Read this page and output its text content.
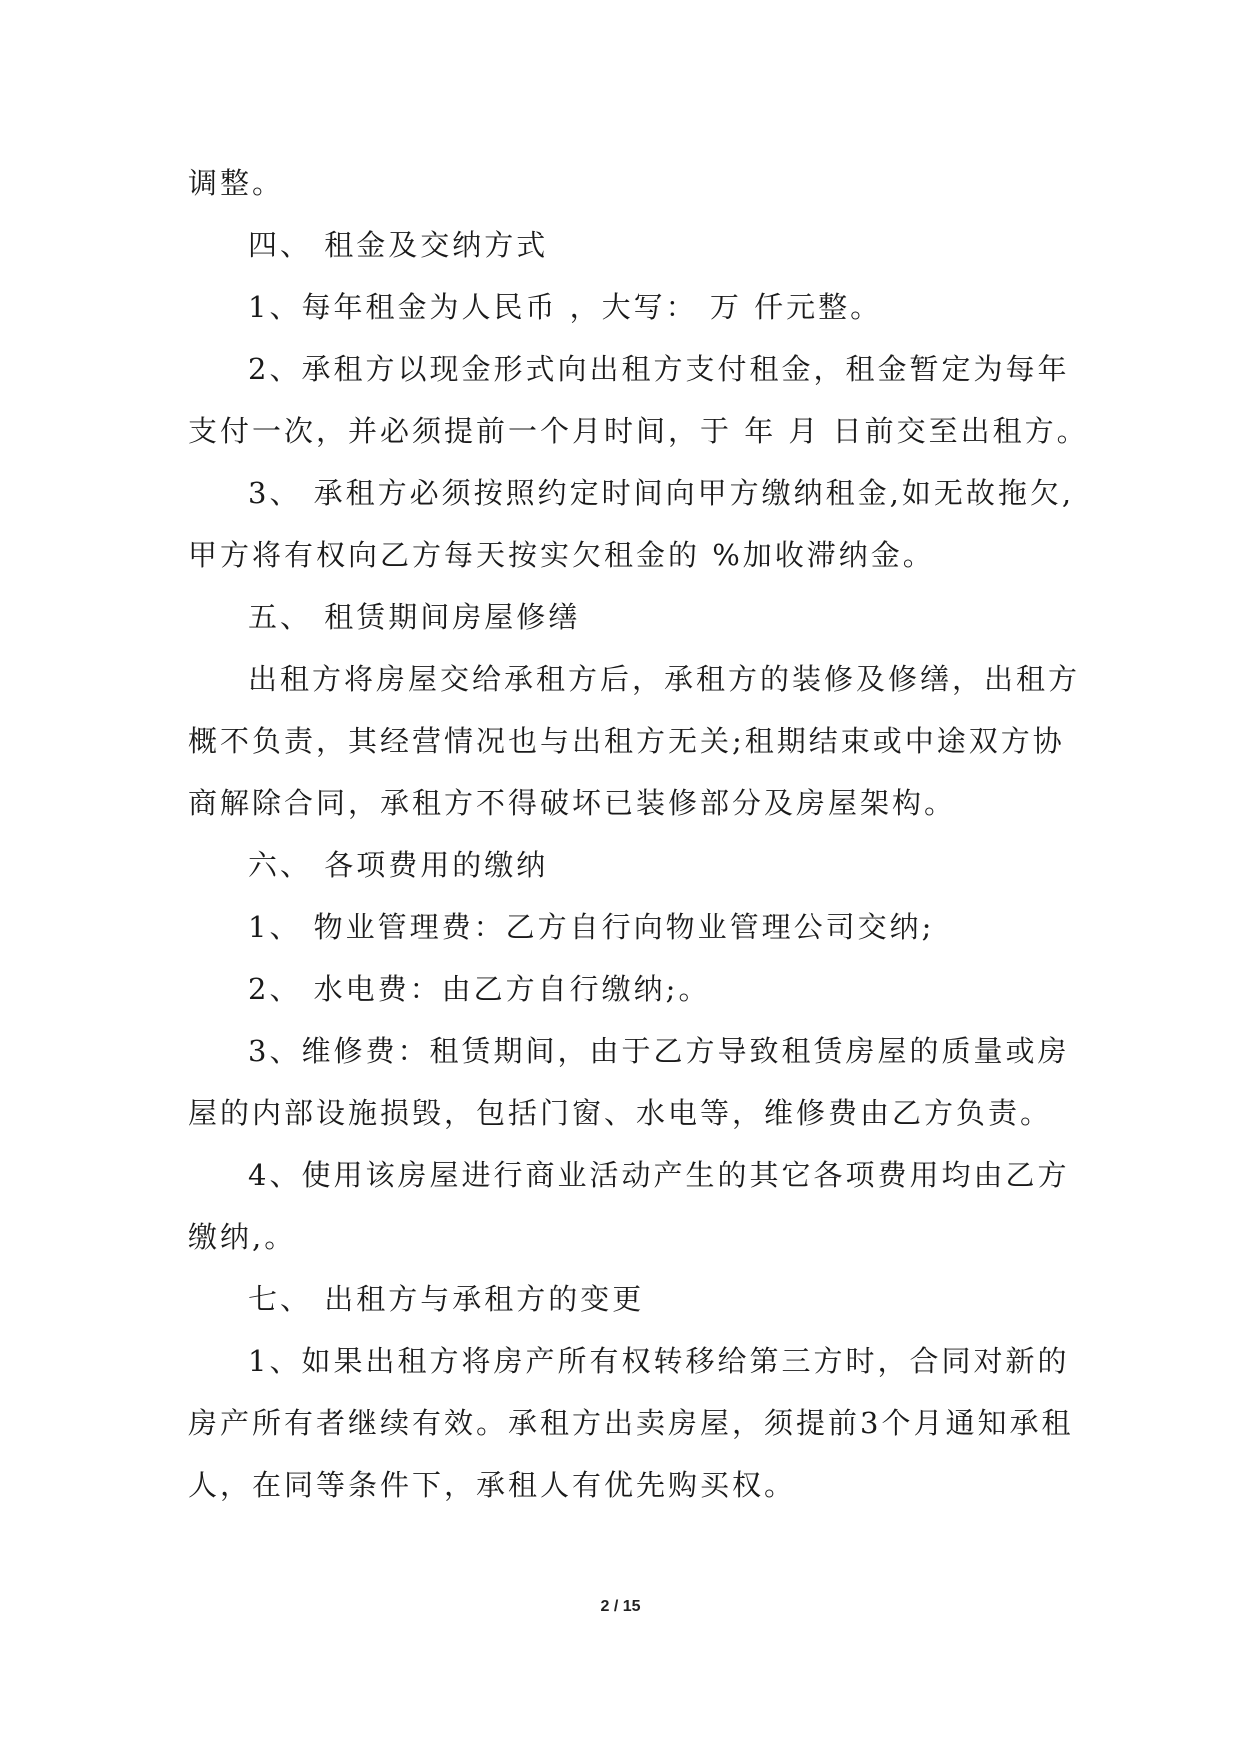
调整。

四、 租金及交纳方式

1、每年租金为人民币 ，大写： 万 仟元整。

2、承租方以现金形式向出租方支付租金，租金暂定为每年

支付一次，并必须提前一个月时间，于 年 月 日前交至出租方。

3、 承租方必须按照约定时间向甲方缴纳租金,如无故拖欠,

甲方将有权向乙方每天按实欠租金的 %加收滞纳金。

五、 租赁期间房屋修缮

出租方将房屋交给承租方后，承租方的装修及修缮，出租方

概不负责，其经营情况也与出租方无关;租期结束或中途双方协

商解除合同，承租方不得破坏已装修部分及房屋架构。

六、 各项费用的缴纳

1、 物业管理费：乙方自行向物业管理公司交纳;

2、 水电费：由乙方自行缴纳;。

3、维修费：租赁期间，由于乙方导致租赁房屋的质量或房

屋的内部设施损毁，包括门窗、水电等，维修费由乙方负责。

4、使用该房屋进行商业活动产生的其它各项费用均由乙方

缴纳,。

七、 出租方与承租方的变更

1、如果出租方将房产所有权转移给第三方时，合同对新的

房产所有者继续有效。承租方出卖房屋，须提前3个月通知承租

人，在同等条件下，承租人有优先购买权。

2 / 15
